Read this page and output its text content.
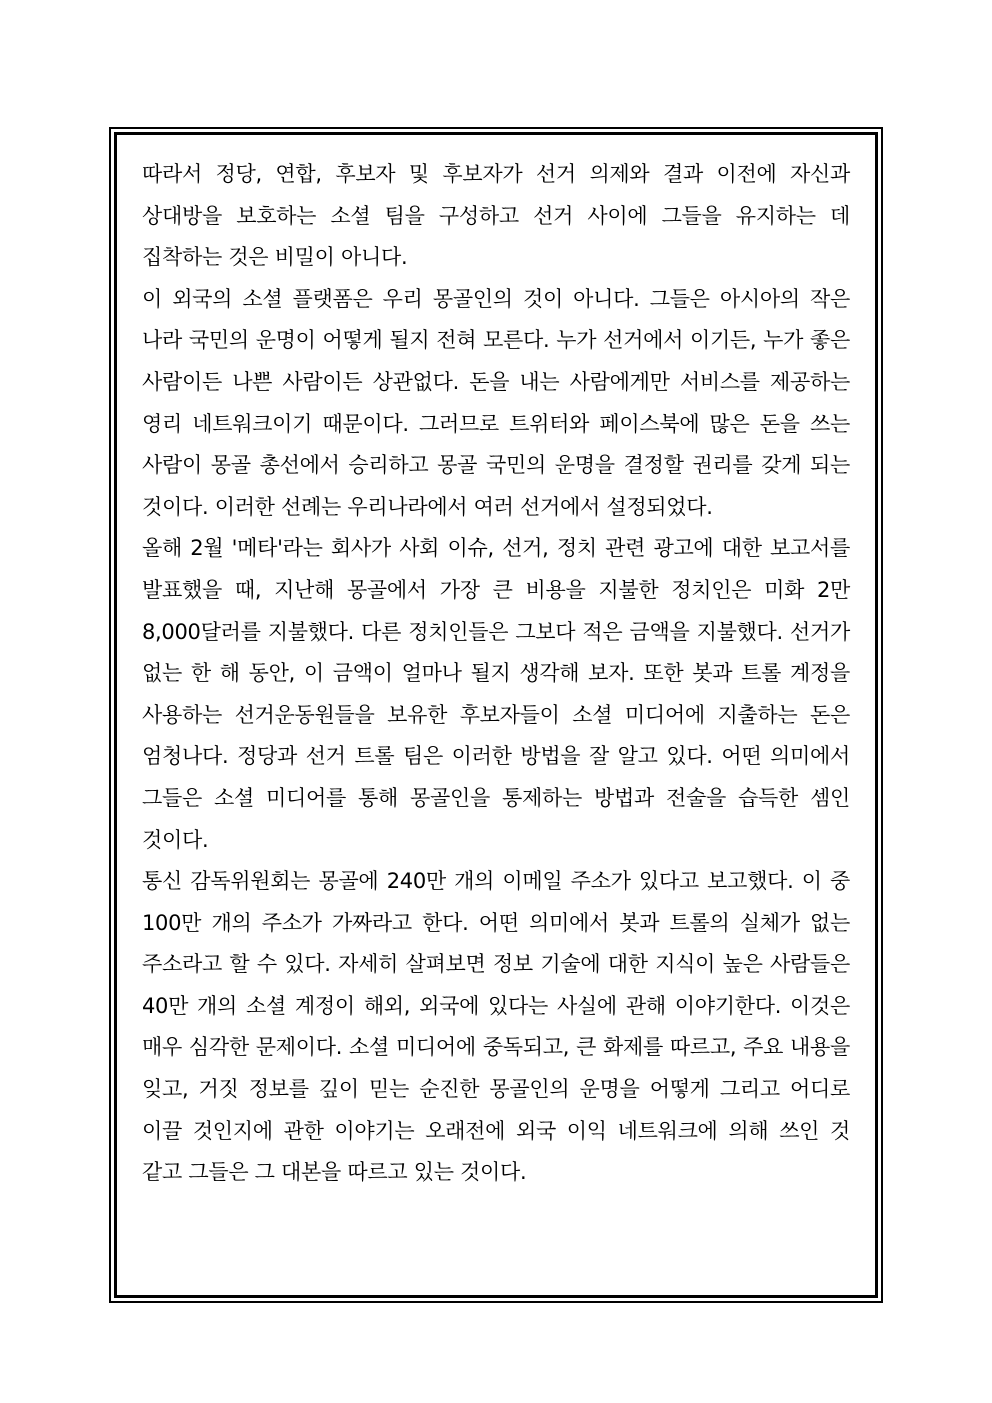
따라서 정당, 연합, 후보자 및 후보자가 선거 의제와 결과 이전에 자신과 상대방을 보호하는 소셜 팀을 구성하고 선거 사이에 그들을 유지하는 데 집착하는 것은 비밀이 아니다.

이 외국의 소셜 플랫폼은 우리 몽골인의 것이 아니다. 그들은 아시아의 작은 나라 국민의 운명이 어떻게 될지 전혀 모른다. 누가 선거에서 이기든, 누가 좋은 사람이든 나쁜 사람이든 상관없다. 돈을 내는 사람에게만 서비스를 제공하는 영리 네트워크이기 때문이다. 그러므로 트위터와 페이스북에 많은 돈을 쓰는 사람이 몽골 총선에서 승리하고 몽골 국민의 운명을 결정할 권리를 갖게 되는 것이다. 이러한 선례는 우리나라에서 여러 선거에서 설정되었다.

올해 2월 '메타'라는 회사가 사회 이슈, 선거, 정치 관련 광고에 대한 보고서를 발표했을 때, 지난해 몽골에서 가장 큰 비용을 지불한 정치인은 미화 2만 8,000달러를 지불했다. 다른 정치인들은 그보다 적은 금액을 지불했다. 선거가 없는 한 해 동안, 이 금액이 얼마나 될지 생각해 보자. 또한 봇과 트롤 계정을 사용하는 선거운동원들을 보유한 후보자들이 소셜 미디어에 지출하는 돈은 엄청나다. 정당과 선거 트롤 팀은 이러한 방법을 잘 알고 있다. 어떤 의미에서 그들은 소셜 미디어를 통해 몽골인을 통제하는 방법과 전술을 습득한 셈인 것이다.

통신 감독위원회는 몽골에 240만 개의 이메일 주소가 있다고 보고했다. 이 중 100만 개의 주소가 가짜라고 한다. 어떤 의미에서 봇과 트롤의 실체가 없는 주소라고 할 수 있다. 자세히 살펴보면 정보 기술에 대한 지식이 높은 사람들은 40만 개의 소셜 계정이 해외, 외국에 있다는 사실에 관해 이야기한다. 이것은 매우 심각한 문제이다. 소셜 미디어에 중독되고, 큰 화제를 따르고, 주요 내용을 잊고, 거짓 정보를 깊이 믿는 순진한 몽골인의 운명을 어떻게 그리고 어디로 이끌 것인지에 관한 이야기는 오래전에 외국 이익 네트워크에 의해 쓰인 것 같고 그들은 그 대본을 따르고 있는 것이다.
